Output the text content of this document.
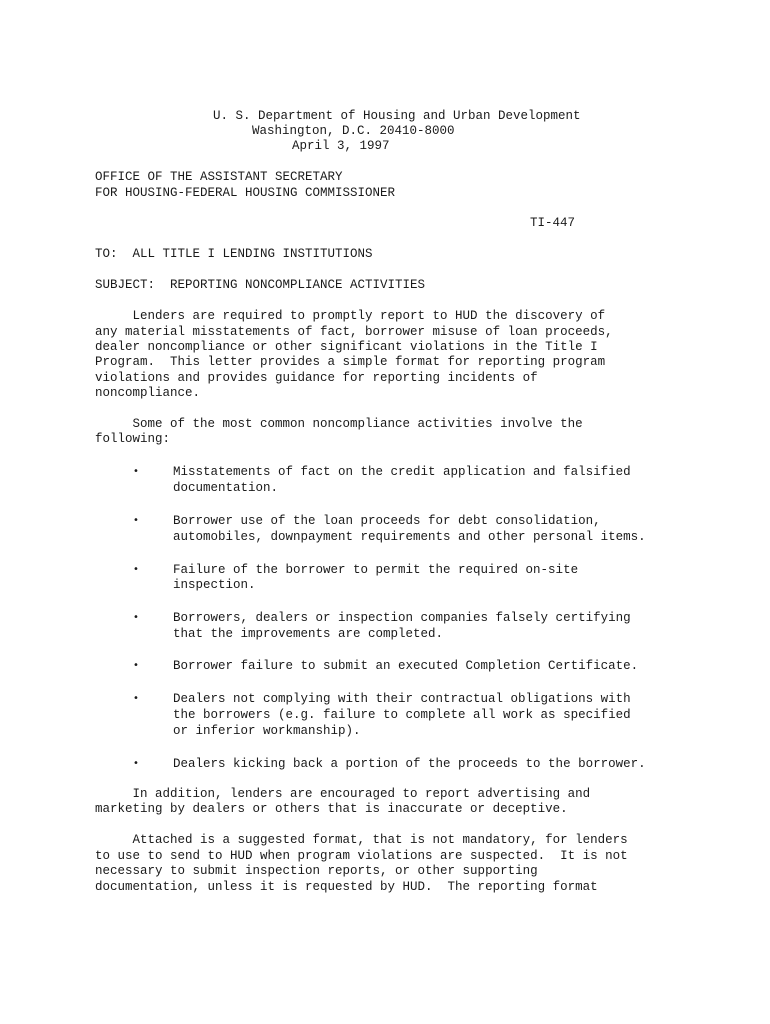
U. S. Department of Housing and Urban Development
Washington, D.C. 20410-8000
April 3, 1997
OFFICE OF THE ASSISTANT SECRETARY
FOR HOUSING-FEDERAL HOUSING COMMISSIONER
TI-447
TO:  ALL TITLE I LENDING INSTITUTIONS
SUBJECT:  REPORTING NONCOMPLIANCE ACTIVITIES
Lenders are required to promptly report to HUD the discovery of
any material misstatements of fact, borrower misuse of loan proceeds,
dealer noncompliance or other significant violations in the Title I
Program.  This letter provides a simple format for reporting program
violations and provides guidance for reporting incidents of
noncompliance.
Some of the most common noncompliance activities involve the
following:
•	Misstatements of fact on the credit application and falsified
documentation.
•	Borrower use of the loan proceeds for debt consolidation,
automobiles, downpayment requirements and other personal items.
•	Failure of the borrower to permit the required on-site
inspection.
•	Borrowers, dealers or inspection companies falsely certifying
that the improvements are completed.
•	Borrower failure to submit an executed Completion Certificate.
•	Dealers not complying with their contractual obligations with
the borrowers (e.g. failure to complete all work as specified
or inferior workmanship).
•	Dealers kicking back a portion of the proceeds to the borrower.
In addition, lenders are encouraged to report advertising and
marketing by dealers or others that is inaccurate or deceptive.
Attached is a suggested format, that is not mandatory, for lenders
to use to send to HUD when program violations are suspected.  It is not
necessary to submit inspection reports, or other supporting
documentation, unless it is requested by HUD.  The reporting format
